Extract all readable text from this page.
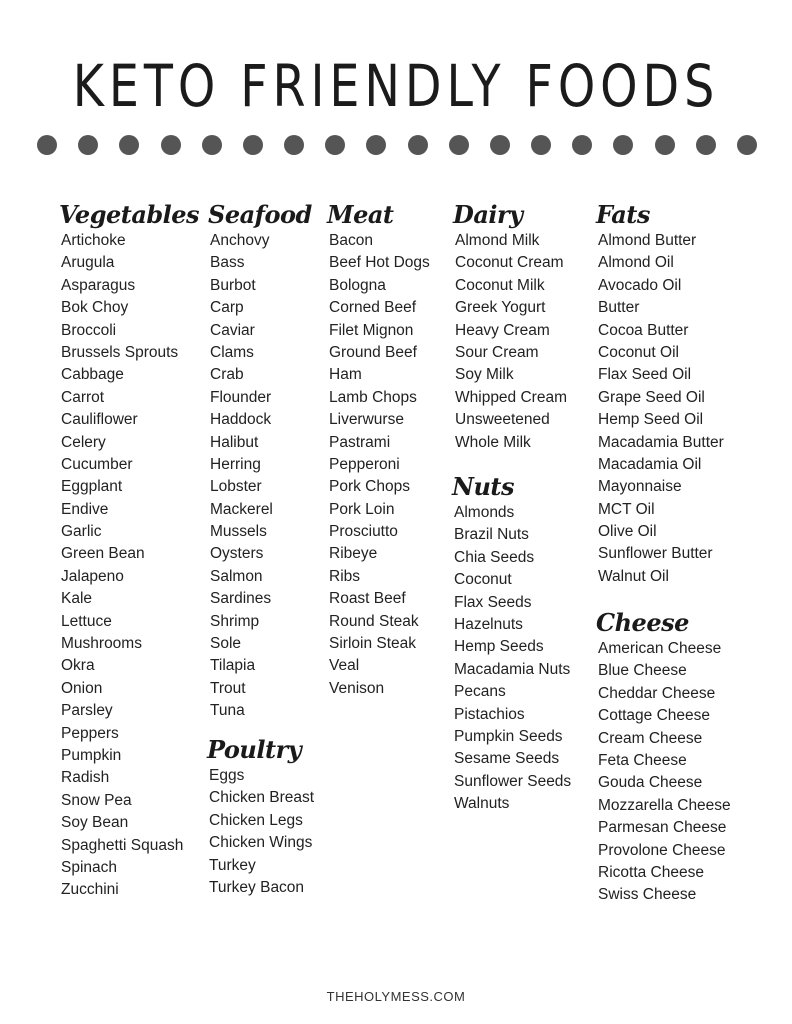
KETO FRIENDLY FOODS
Vegetables
Artichoke
Arugula
Asparagus
Bok Choy
Broccoli
Brussels Sprouts
Cabbage
Carrot
Cauliflower
Celery
Cucumber
Eggplant
Endive
Garlic
Green Bean
Jalapeno
Kale
Lettuce
Mushrooms
Okra
Onion
Parsley
Peppers
Pumpkin
Radish
Snow Pea
Soy Bean
Spaghetti Squash
Spinach
Zucchini
Seafood
Anchovy
Bass
Burbot
Carp
Caviar
Clams
Crab
Flounder
Haddock
Halibut
Herring
Lobster
Mackerel
Mussels
Oysters
Salmon
Sardines
Shrimp
Sole
Tilapia
Trout
Tuna
Poultry
Eggs
Chicken Breast
Chicken Legs
Chicken Wings
Turkey
Turkey Bacon
Meat
Bacon
Beef Hot Dogs
Bologna
Corned Beef
Filet Mignon
Ground Beef
Ham
Lamb Chops
Liverwurse
Pastrami
Pepperoni
Pork Chops
Pork Loin
Prosciutto
Ribeye
Ribs
Roast Beef
Round Steak
Sirloin Steak
Veal
Venison
Dairy
Almond Milk
Coconut Cream
Coconut Milk
Greek Yogurt
Heavy Cream
Sour Cream
Soy Milk
Whipped Cream
Unsweetened
Whole Milk
Nuts
Almonds
Brazil Nuts
Chia Seeds
Coconut
Flax Seeds
Hazelnuts
Hemp Seeds
Macadamia Nuts
Pecans
Pistachios
Pumpkin Seeds
Sesame Seeds
Sunflower Seeds
Walnuts
Fats
Almond Butter
Almond Oil
Avocado Oil
Butter
Cocoa Butter
Coconut Oil
Flax Seed Oil
Grape Seed Oil
Hemp Seed Oil
Macadamia Butter
Macadamia Oil
Mayonnaise
MCT Oil
Olive Oil
Sunflower Butter
Walnut Oil
Cheese
American Cheese
Blue Cheese
Cheddar Cheese
Cottage Cheese
Cream Cheese
Feta Cheese
Gouda Cheese
Mozzarella Cheese
Parmesan Cheese
Provolone Cheese
Ricotta Cheese
Swiss Cheese
THEHOLYMESS.COM
